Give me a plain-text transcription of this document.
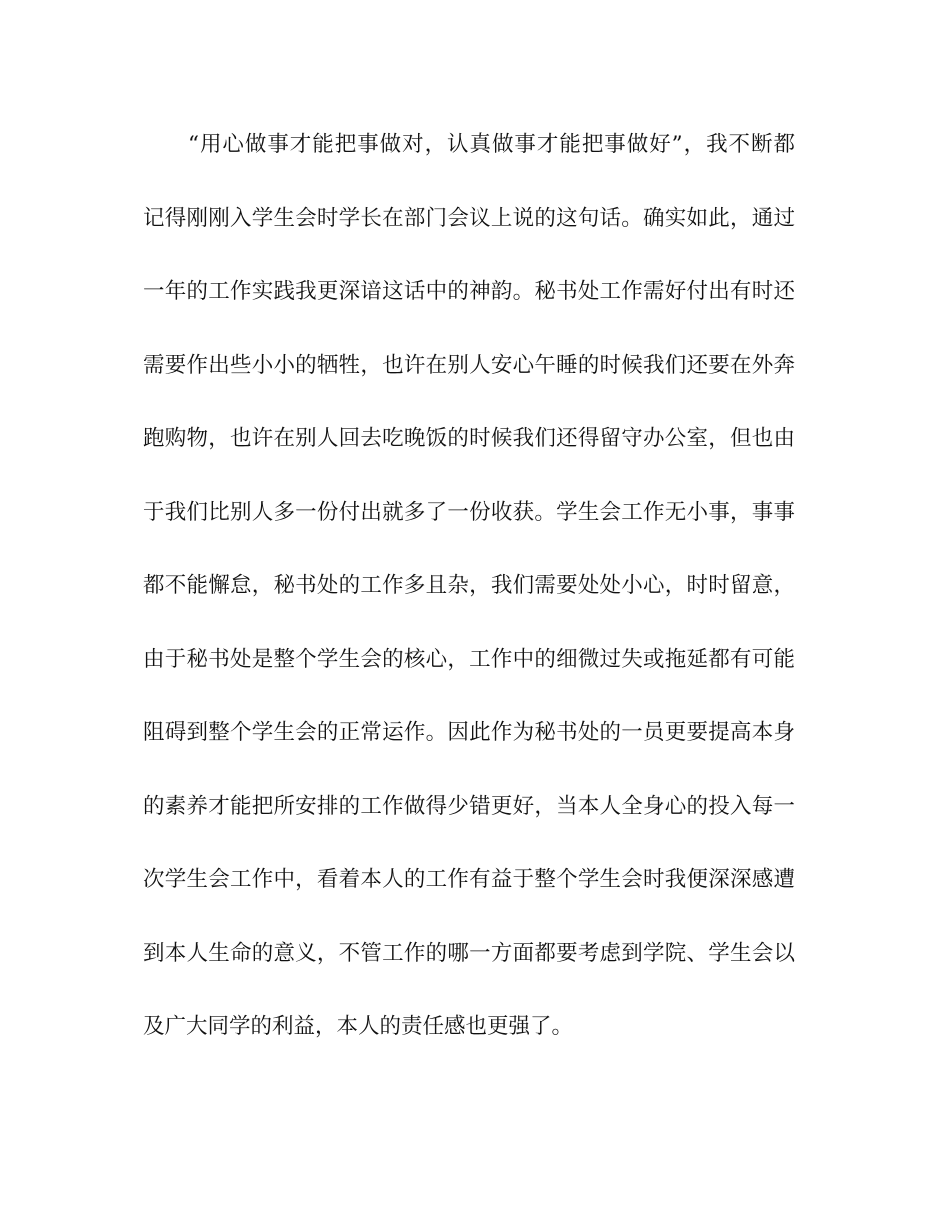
“用心做事才能把事做对，认真做事才能把事做好”，我不断都
记得刚刚入学生会时学长在部门会议上说的这句话。确实如此，通过
一年的工作实践我更深谙这话中的神韵。秘书处工作需好付出有时还
需要作出些小小的牺牲，也许在别人安心午睡的时候我们还要在外奔
跑购物，也许在别人回去吃晚饭的时候我们还得留守办公室，但也由
于我们比别人多一份付出就多了一份收获。学生会工作无小事，事事
都不能懈怠，秘书处的工作多且杂，我们需要处处小心，时时留意，
由于秘书处是整个学生会的核心，工作中的细微过失或拖延都有可能
阻碍到整个学生会的正常运作。因此作为秘书处的一员更要提高本身
的素养才能把所安排的工作做得少错更好，当本人全身心的投入每一
次学生会工作中，看着本人的工作有益于整个学生会时我便深深感遭
到本人生命的意义，不管工作的哪一方面都要考虑到学院、学生会以
及广大同学的利益，本人的责任感也更强了。
